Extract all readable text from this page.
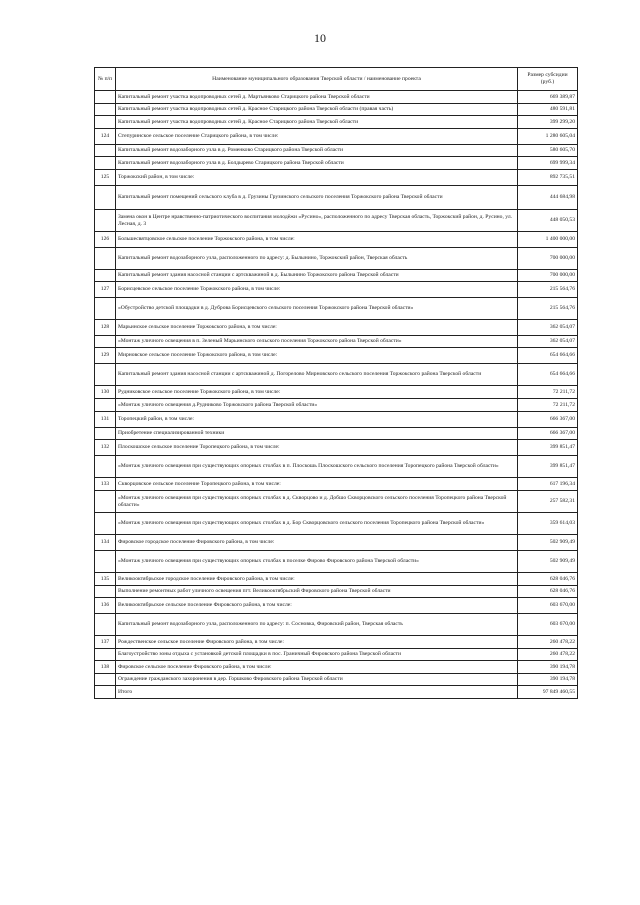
10
№ п/п	Наименование муниципального образования Тверской области / наименование проекта	Размер субсидии (руб.)
	Капитальный ремонт участка водопроводных сетей д. Мартьянково Старицкого района Тверской области	669 389,87
	Капитальный ремонт участка водопроводных сетей д. Красное Старицкого района Тверской области (правая часть)	480 591,81
	Капитальный ремонт участка водопроводных сетей д. Красное Старицкого района Тверской области	399 299,20
124	Степуринское сельское поселение Старицкого района, в том числе:	1 280 605,04
	Капитальный ремонт водозаборного узла в д. Роменково Старицкого района Тверской области	580 605,70
	Капитальный ремонт водозаборного узла в д. Болдырево Старицкого района Тверской области	699 999,34
125	Торжокский район, в том числе:	892 735,51
	Капитальный ремонт помещений сельского клуба в д. Грузины Грузинского сельского поселения Торжокского района Тверской области	444 684,98
	Замена окон в Центре нравственно-патриотического воспитания молодёжи «Русино», расположенного по адресу Тверская область, Торжокский район, д. Русино, ул. Лесная, д. 3	448 050,53
126	Большесвятцовское сельское поселение Торжокского района, в том числе:	1 400 000,00
	Капитальный ремонт водозаборного узла, расположенного по адресу: д. Былынино, Торжокский район, Тверская область	700 000,00
	Капитальный ремонт здания насосной станции с артскважиной в д. Былынино Торжокского района Тверской области	700 000,00
127	Борисцевское сельское поселение Торжокского района, в том числе:	215 564,76
	«Обустройство детской площадки в д. Дуброва Борисцевского сельского поселения Торжокского района Тверской области»	215 564,76
128	Марьинское сельское поселение Торжокского района, в том числе:	362 054,07
	«Монтаж уличного освещения в п. Зеленый Марьинского сельского поселения Торжокского района Тверской области»	362 054,07
129	Мирновское сельское поселение Торжокского района, в том числе:	654 664,66
	Капитальный ремонт здания насосной станции с артскважиной д. Погорелово Мирновского сельского поселения Торжокского района Тверской области	654 664,66
130	Рудниковское сельское поселение Торжокского района, в том числе:	72 211,72
	«Монтаж уличного освещения д.Рудниково Торжокского района Тверской области»	72 211,72
131	Торопецкий район, в том числе:	666 367,00
	Приобретение специализированной техники	666 367,00
132	Плоскошское сельское поселение Торопецкого района, в том числе:	399 851,47
	«Монтаж уличного освещения при существующих опорных столбах в п. Плоскошь Плоскошского сельского поселения Торопецкого района Тверской области»	399 851,47
133	Скворцовское сельское поселение Торопецкого района, в том числе:	617 196,34
	«Монтаж уличного освещения при существующих опорных столбах в д. Скворцово и д. Добшо Скворцовского сельского поселения Торопецкого района Тверской области»	257 582,31
	«Монтаж уличного освещения при существующих опорных столбах в д. Бор Скворцовского сельского поселения Торопецкого района Тверской области»	359 614,03
134	Фировское городское поселение Фировского района, в том числе:	502 909,49
	«Монтаж уличного освещения при существующих опорных столбах в поселке Фирово Фировского района Тверской области»	502 909,49
135	Великооктябрьское городское поселение Фировского района, в том числе:	628 046,76
	Выполнение ремонтных работ уличного освещения пгт. Великооктябрьский Фировского района Тверской области	628 046,76
136	Великооктябрьское сельское поселение Фировского района, в том числе:	603 670,00
	Капитальный ремонт водозаборного узла, расположенного по адресу: п. Сосновка, Фировский район, Тверская область	603 670,00
137	Рождественское сельское поселение Фировского района, в том числе:	260 478,22
	Благоустройство зоны отдыха с установкой детской площадки в пос. Граничный Фировского района Тверской области	260 478,22
138	Фировское сельское поселение Фировского района, в том числе:	390 194,78
	Ограждение гражданского захоронения в дер. Горшково Фировского района Тверской области	390 194,78
	Итого	97 849 460,55
